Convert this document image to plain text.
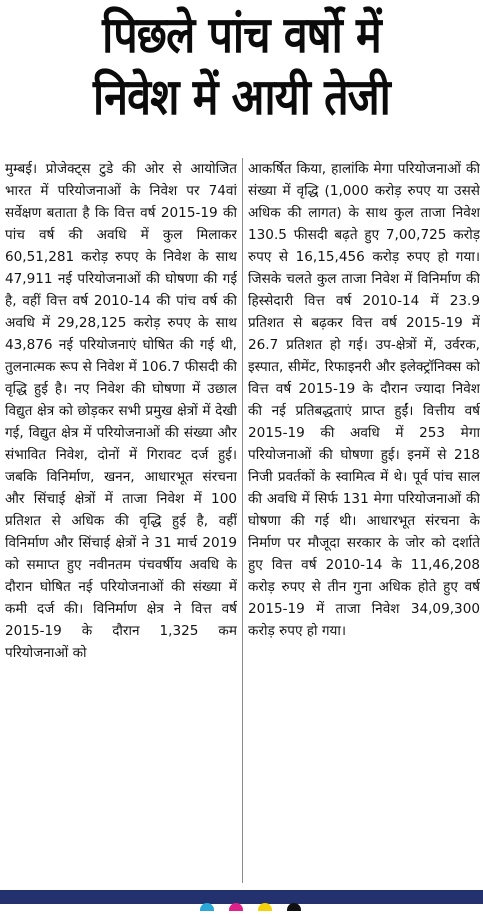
पिछले पांच वर्षो में
निवेश में आयी तेजी
मुम्बई। प्रोजेक्ट्स टुडे की ओर से आयोजित भारत में परियोजनाओं के निवेश पर 74वां सर्वेक्षण बताता है कि वित्त वर्ष 2015-19 की पांच वर्ष की अवधि में कुल मिलाकर 60,51,281 करोड़ रुपए के निवेश के साथ 47,911 नई परियोजनाओं की घोषणा की गई है, वहीं वित्त वर्ष 2010-14 की पांच वर्ष की अवधि में 29,28,125 करोड़ रुपए के साथ 43,876 नई परियोजनाएं घोषित की गई थी, तुलनात्मक रूप से निवेश में 106.7 फीसदी की वृद्धि हुई है। नए निवेश की घोषणा में उछाल विद्युत क्षेत्र को छोड़कर सभी प्रमुख क्षेत्रों में देखी गई, विद्युत क्षेत्र में परियोजनाओं की संख्या और संभावित निवेश, दोनों में गिरावट दर्ज हुई। जबकि विनिर्माण, खनन, आधारभूत संरचना और सिंचाई क्षेत्रों में ताजा निवेश में 100 प्रतिशत से अधिक की वृद्धि हुई है, वहीं विनिर्माण और सिंचाई क्षेत्रों ने 31 मार्च 2019 को समाप्त हुए नवीनतम पंचवर्षीय अवधि के दौरान घोषित नई परियोजनाओं की संख्या में कमी दर्ज की। विनिर्माण क्षेत्र ने वित्त वर्ष 2015-19 के दौरान 1,325 कम परियोजनाओं को
आकर्षित किया, हालांकि मेगा परियोजनाओं की संख्या में वृद्धि (1,000 करोड़ रुपए या उससे अधिक की लागत) के साथ कुल ताजा निवेश 130.5 फीसदी बढ़ते हुए 7,00,725 करोड़ रुपए से 16,15,456 करोड़ रुपए हो गया। जिसके चलते कुल ताजा निवेश में विनिर्माण की हिस्सेदारी वित्त वर्ष 2010-14 में 23.9 प्रतिशत से बढ़कर वित्त वर्ष 2015-19 में 26.7 प्रतिशत हो गई। उप-क्षेत्रों में, उर्वरक, इस्पात, सीमेंट, रिफाइनरी और इलेक्ट्रॉनिक्स को वित्त वर्ष 2015-19 के दौरान ज्यादा निवेश की नई प्रतिबद्धताएं प्राप्त हुईं। वित्तीय वर्ष 2015-19 की अवधि में 253 मेगा परियोजनाओं की घोषणा हुई। इनमें से 218 निजी प्रवर्तकों के स्वामित्व में थे। पूर्व पांच साल की अवधि में सिर्फ 131 मेगा परियोजनाओं की घोषणा की गई थी। आधारभूत संरचना के निर्माण पर मौजूदा सरकार के जोर को दर्शाते हुए वित्त वर्ष 2010-14 के 11,46,208 करोड़ रुपए से तीन गुना अधिक होते हुए वर्ष 2015-19 में ताजा निवेश 34,09,300 करोड़ रुपए हो गया।
